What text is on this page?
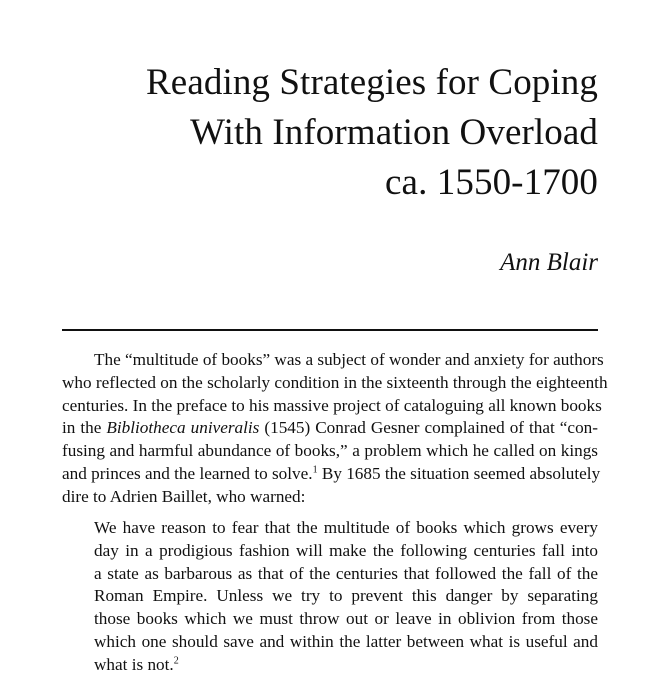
Reading Strategies for Coping
With Information Overload
ca. 1550-1700
Ann Blair
The “multitude of books” was a subject of wonder and anxiety for authors
who reflected on the scholarly condition in the sixteenth through the eighteenth
centuries. In the preface to his massive project of cataloguing all known books
in the Bibliotheca univeralis (1545) Conrad Gesner complained of that “con-
fusing and harmful abundance of books,” a problem which he called on kings
and princes and the learned to solve.$^1$ By 1685 the situation seemed absolutely
dire to Adrien Baillet, who warned:
We have reason to fear that the multitude of books which grows every
day in a prodigious fashion will make the following centuries fall into
a state as barbarous as that of the centuries that followed the fall of the
Roman Empire. Unless we try to prevent this danger by separating
those books which we must throw out or leave in oblivion from those
which one should save and within the latter between what is useful and
what is not.$^2$
